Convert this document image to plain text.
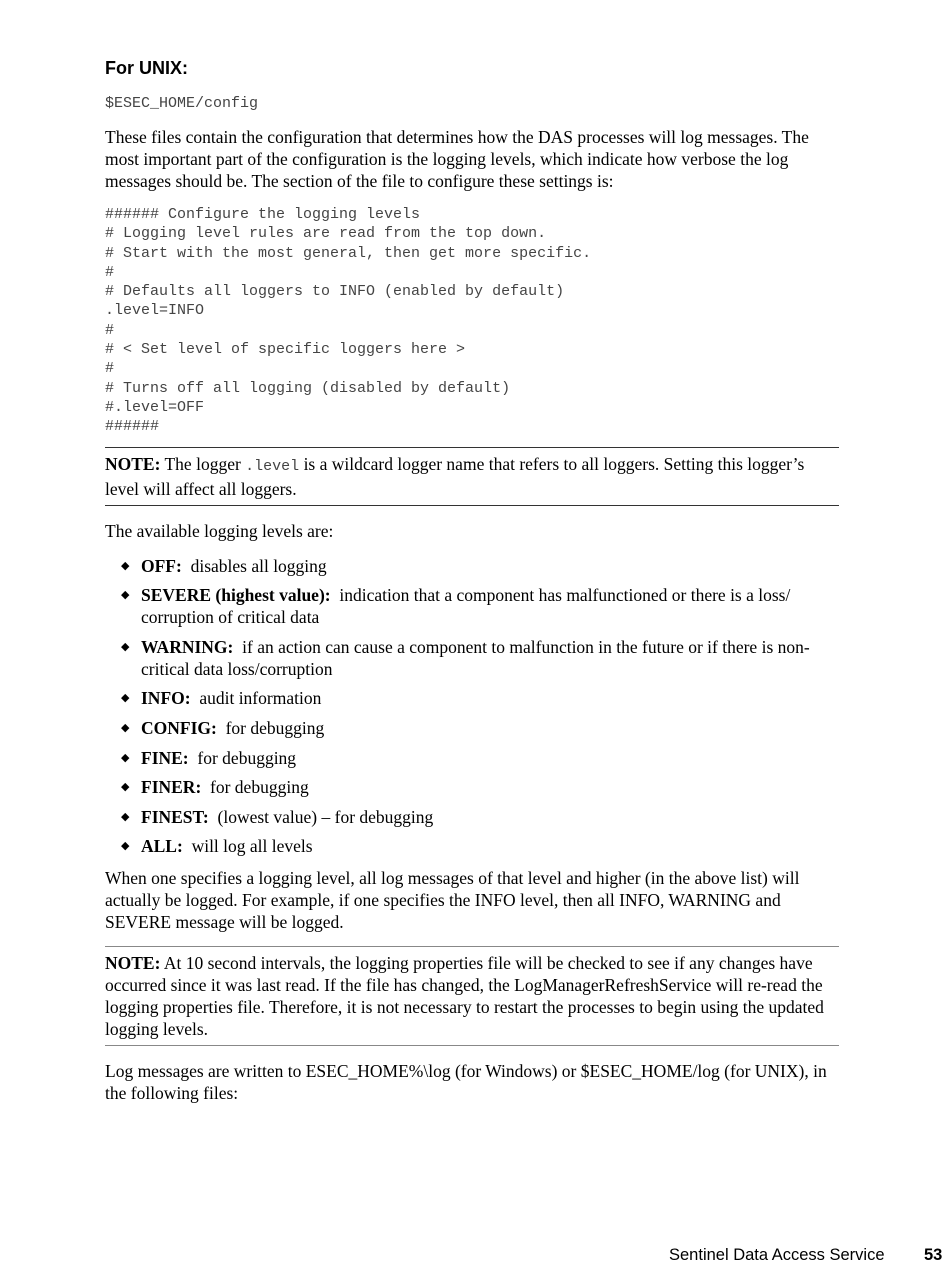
For UNIX:
$ESEC_HOME/config

These files contain the configuration that determines how the DAS processes will log messages. The most important part of the configuration is the logging levels, which indicate how verbose the log messages should be. The section of the file to configure these settings is:

###### Configure the logging levels
# Logging level rules are read from the top down.
# Start with the most general, then get more specific.
#
# Defaults all loggers to INFO (enabled by default)
.level=INFO
#
# < Set level of specific loggers here >
#
# Turns off all logging (disabled by default)
#.level=OFF
######
NOTE: The logger .level is a wildcard logger name that refers to all loggers. Setting this logger’s level will affect all loggers.

The available logging levels are:

◆ OFF: disables all logging
◆ SEVERE (highest value): indication that a component has malfunctioned or there is a loss/ corruption of critical data
◆ WARNING: if an action can cause a component to malfunction in the future or if there is non-critical data loss/corruption
◆ INFO: audit information
◆ CONFIG: for debugging
◆ FINE: for debugging
◆ FINER: for debugging
◆ FINEST: (lowest value) – for debugging
◆ ALL: will log all levels

When one specifies a logging level, all log messages of that level and higher (in the above list) will actually be logged. For example, if one specifies the INFO level, then all INFO, WARNING and SEVERE message will be logged.

NOTE: At 10 second intervals, the logging properties file will be checked to see if any changes have occurred since it was last read. If the file has changed, the LogManagerRefreshService will re-read the logging properties file. Therefore, it is not necessary to restart the processes to begin using the updated logging levels.

Log messages are written to ESEC_HOME%\log (for Windows) or $ESEC_HOME/log (for UNIX), in the following files:

Sentinel Data Access Service 53
